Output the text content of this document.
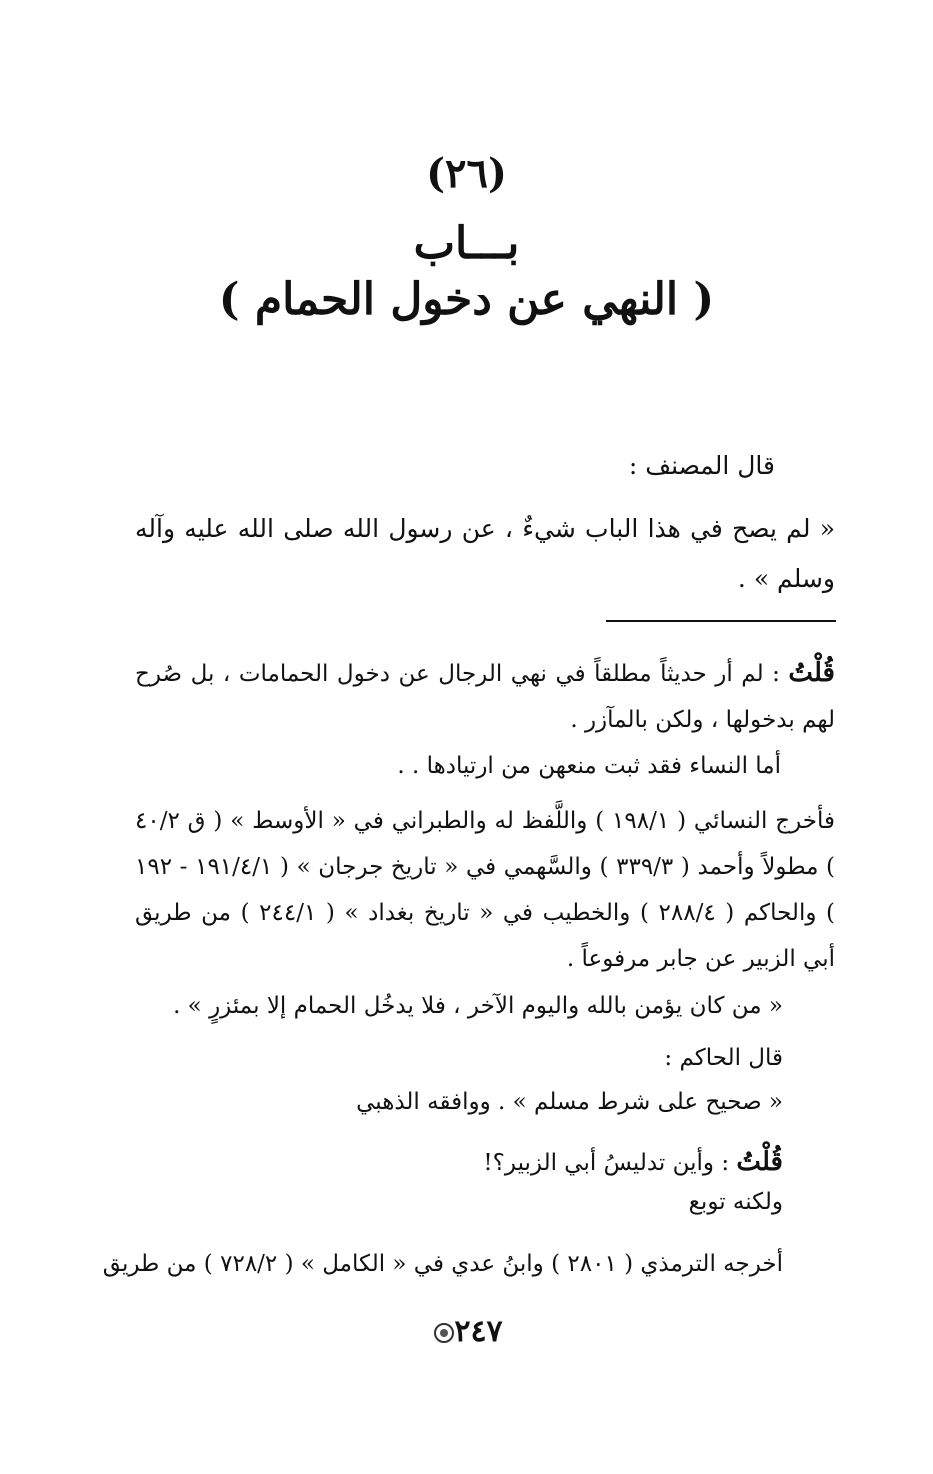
(٢٦)
بـــاب
( النهي عن دخول الحمام )
قال المصنف :
« لم يصح في هذا الباب شيءٌ ، عن رسول الله صلى الله عليه وآله وسلم » .
قُلْتُ : لم أر حديثاً مطلقاً في نهي الرجال عن دخول الحمامات ، بل صُرح لهم بدخولها ، ولكن بالمآزر .
أما النساء فقد ثبت منعهن من ارتيادها . .
فأخرج النسائي ( ١٩٨/١ ) واللَّفظ له والطبراني في « الأوسط » ( ق ٤٠/٢ ) مطولاً وأحمد ( ٣٣٩/٣ ) والسَّهمي في « تاريخ جرجان » ( ١٩١/٤/١ - ١٩٢ ) والحاكم ( ٢٨٨/٤ ) والخطيب في « تاريخ بغداد » ( ٢٤٤/١ ) من طريق أبي الزبير عن جابر مرفوعاً .
« من كان يؤمن بالله واليوم الآخر ، فلا يدخُل الحمام إلا بمئزرٍ » .
قال الحاكم :
« صحيح على شرط مسلم » . ووافقه الذهبي
قُلْتُ : وأين تدليسُ أبي الزبير؟!
ولكنه توبع
أخرجه الترمذي ( ٢٨٠١ ) وابنُ عدي في « الكامل » ( ٧٢٨/٢ ) من طريق
٢٤٧
